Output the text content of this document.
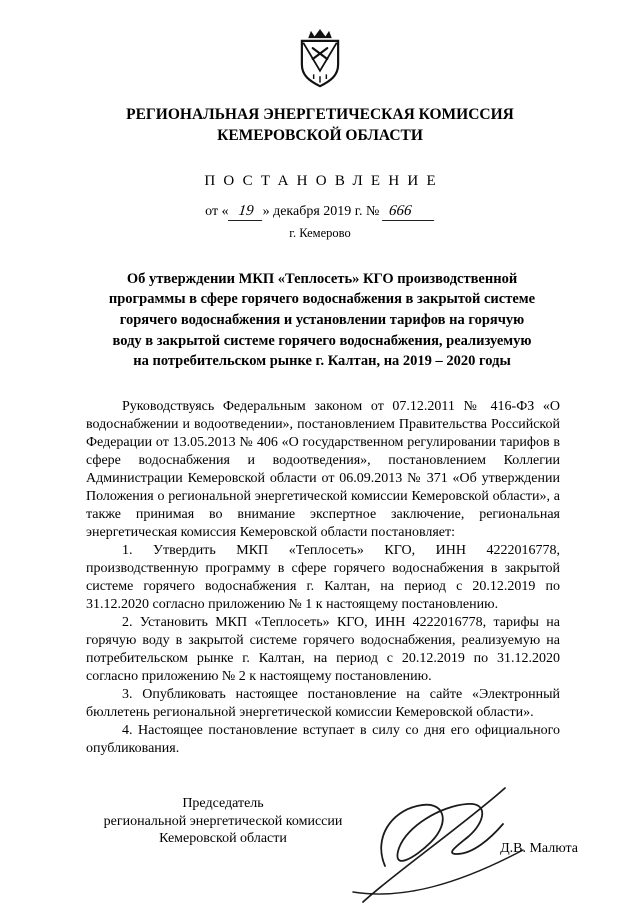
РЕГИОНАЛЬНАЯ ЭНЕРГЕТИЧЕСКАЯ КОМИССИЯ
КЕМЕРОВСКОЙ ОБЛАСТИ
ПОСТАНОВЛЕНИЕ
от « 19 » декабря 2019 г. № 666
г. Кемерово
Об утверждении МКП «Теплосеть» КГО производственной программы в сфере горячего водоснабжения в закрытой системе горячего водоснабжения и установлении тарифов на горячую воду в закрытой системе горячего водоснабжения, реализуемую на потребительском рынке г. Калтан, на 2019 – 2020 годы

Руководствуясь Федеральным законом от 07.12.2011 № 416-ФЗ «О водоснабжении и водоотведении», постановлением Правительства Российской Федерации от 13.05.2013 № 406 «О государственном регулировании тарифов в сфере водоснабжения и водоотведения», постановлением Коллегии Администрации Кемеровской области от 06.09.2013 № 371 «Об утверждении Положения о региональной энергетической комиссии Кемеровской области», а также принимая во внимание экспертное заключение, региональная энергетическая комиссия Кемеровской области постановляет:

1. Утвердить МКП «Теплосеть» КГО, ИНН 4222016778, производственную программу в сфере горячего водоснабжения в закрытой системе горячего водоснабжения г. Калтан, на период с 20.12.2019 по 31.12.2020 согласно приложению № 1 к настоящему постановлению.

2. Установить МКП «Теплосеть» КГО, ИНН 4222016778, тарифы на горячую воду в закрытой системе горячего водоснабжения, реализуемую на потребительском рынке г. Калтан, на период с 20.12.2019 по 31.12.2020 согласно приложению № 2 к настоящему постановлению.

3. Опубликовать настоящее постановление на сайте «Электронный бюллетень региональной энергетической комиссии Кемеровской области».

4. Настоящее постановление вступает в силу со дня его официального опубликования.

Председатель
региональной энергетической комиссии
Кемеровской области
Д.В. Малюта
